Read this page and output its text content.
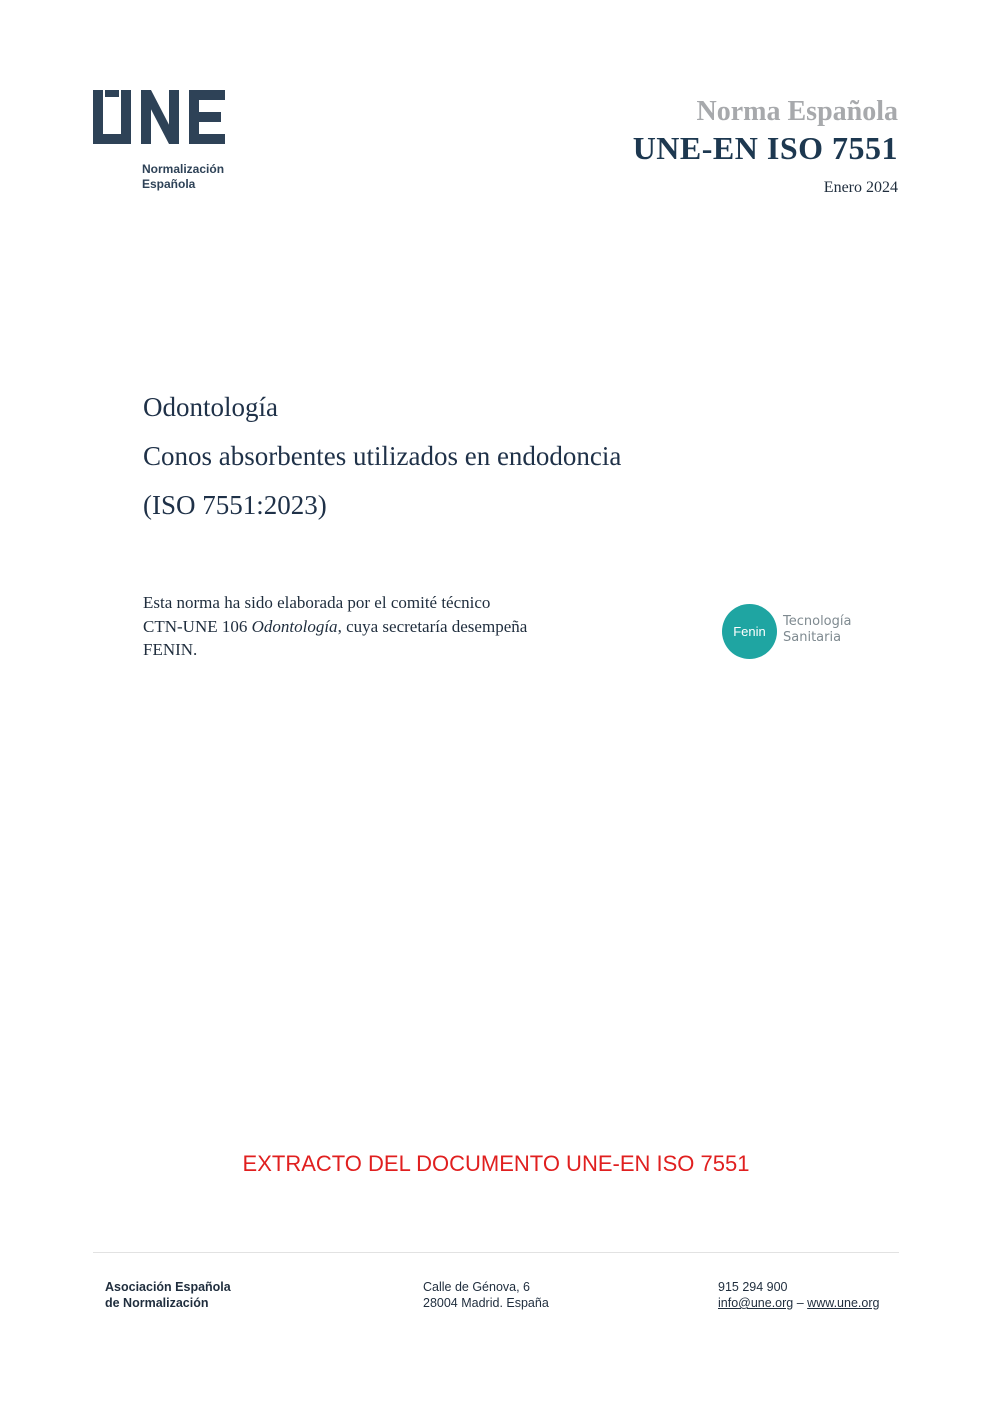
Normalización
Española
Norma Española
UNE-EN ISO 7551
Enero 2024
Odontología
Conos absorbentes utilizados en endodoncia
(ISO 7551:2023)
Esta norma ha sido elaborada por el comité técnico
CTN-UNE 106 Odontología, cuya secretaría desempeña
FENIN.
Fenin
Tecnología
Sanitaria
EXTRACTO DEL DOCUMENTO UNE-EN ISO 7551
Asociación Española
de Normalización
Calle de Génova, 6
28004 Madrid. España
915 294 900
info@une.org – www.une.org
